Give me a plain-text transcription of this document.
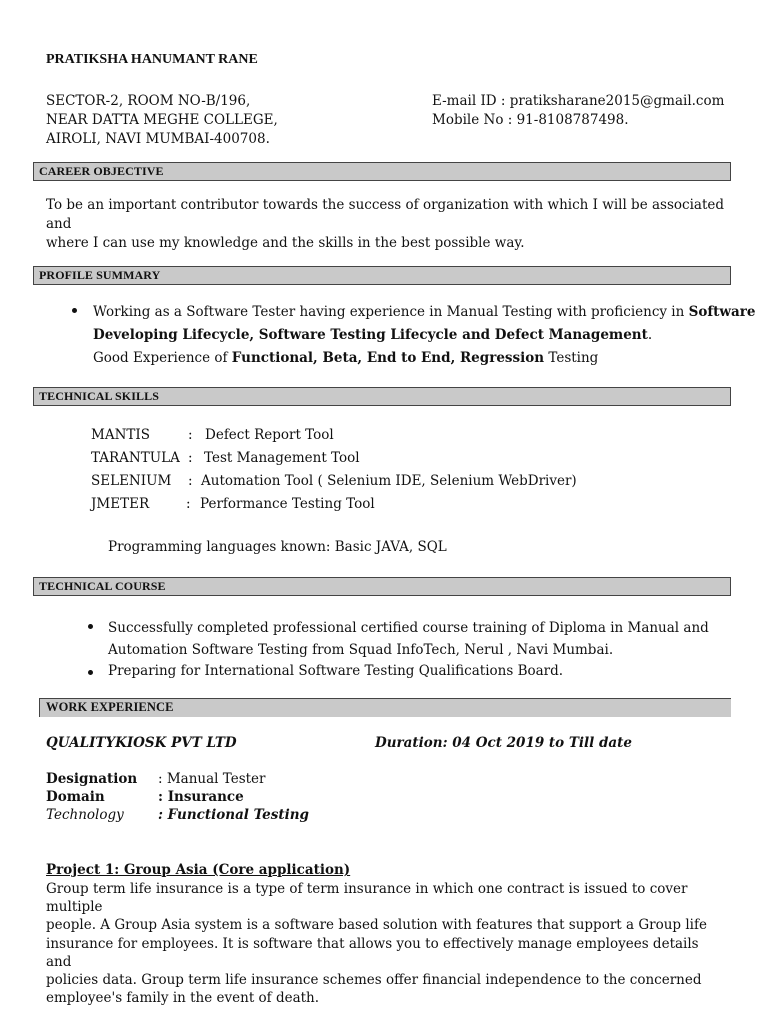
PRATIKSHA HANUMANT RANE
SECTOR-2, ROOM NO-B/196,
NEAR DATTA MEGHE COLLEGE,
AIROLI, NAVI MUMBAI-400708.
E-mail ID : pratiksharane2015@gmail.com
Mobile No : 91-8108787498.
CAREER OBJECTIVE
To be an important contributor towards the success of organization with which I will be associated and
where I can use my knowledge and the skills in the best possible way.
PROFILE SUMMARY
Working as a Software Tester having experience in Manual Testing with proficiency in Software
Developing Lifecycle, Software Testing Lifecycle and Defect Management.
Good Experience of Functional, Beta, End to End, Regression Testing
TECHNICAL SKILLS
MANTIS	: Defect Report Tool
TARANTULA : Test Management Tool
SELENIUM : Automation Tool ( Selenium IDE, Selenium WebDriver)
JMETER	: Performance Testing Tool
Programming languages known: Basic JAVA, SQL
TECHNICAL COURSE
Successfully completed professional certified course training of Diploma in Manual and
Automation Software Testing from Squad InfoTech, Nerul , Navi Mumbai.
Preparing for International Software Testing Qualifications Board.
WORK EXPERIENCE
QUALITYKIOSK PVT LTD	Duration: 04 Oct 2019 to Till date
Designation : Manual Tester
Domain	: Insurance
Technology	: Functional Testing
Project 1: Group Asia (Core application)
Group term life insurance is a type of term insurance in which one contract is issued to cover multiple
people. A Group Asia system is a software based solution with features that support a Group life
insurance for employees. It is software that allows you to effectively manage employees details and
policies data. Group term life insurance schemes offer financial independence to the concerned
employee's family in the event of death.
